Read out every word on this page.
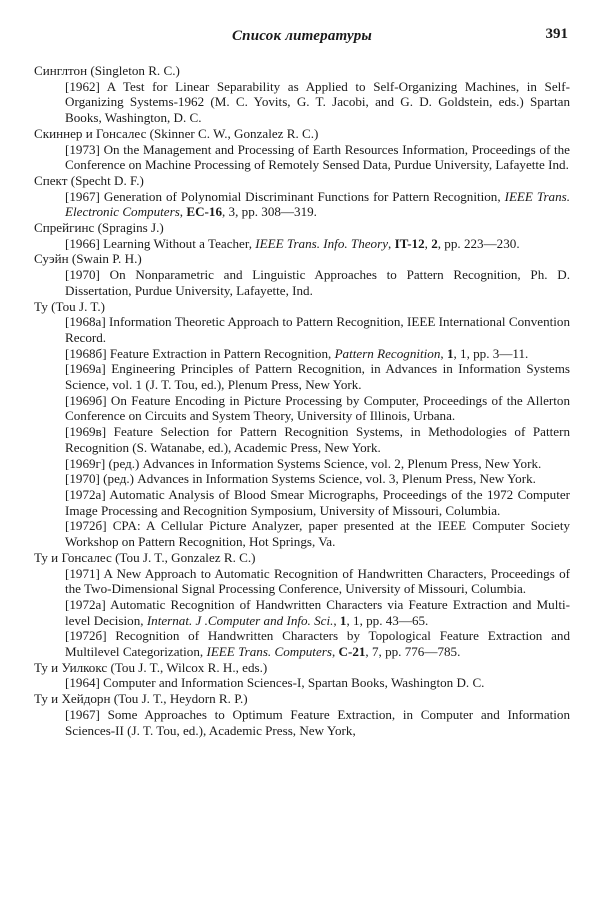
Список литературы	391
Синглтон (Singleton R. C.)
[1962] A Test for Linear Separability as Applied to Self-Organizing Machines, in Self-Organizing Systems-1962 (M. C. Yovits, G. T. Jacobi, and G. D. Goldstein, eds.) Spartan Books, Washington, D. C.
Скиннер и Гонсалес (Skinner C. W., Gonzalez R. C.)
[1973] On the Management and Processing of Earth Resources Information, Proceedings of the Conference on Machine Processing of Remotely Sensed Data, Purdue University, Lafayette Ind.
Спект (Specht D. F.)
[1967] Generation of Polynomial Discriminant Functions for Pattern Recognition, IEEE Trans. Electronic Computers, EC-16, 3, pp. 308—319.
Спрейгинс (Spragins J.)
[1966] Learning Without a Teacher, IEEE Trans. Info. Theory, IT-12, 2, pp. 223—230.
Суэйн (Swain P. H.)
[1970] On Nonparametric and Linguistic Approaches to Pattern Recognition, Ph. D. Dissertation, Purdue University, Lafayette, Ind.
Ту (Tou J. T.)
[1968a] Information Theoretic Approach to Pattern Recognition, IEEE International Convention Record.
[1968б] Feature Extraction in Pattern Recognition, Pattern Recognition, 1, 1, pp. 3—11.
[1969a] Engineering Principles of Pattern Recognition, in Advances in Information Systems Science, vol. 1 (J. T. Tou, ed.), Plenum Press, New York.
[1969б] On Feature Encoding in Picture Processing by Computer, Proceedings of the Allerton Conference on Circuits and System Theory, University of Illinois, Urbana.
[1969в] Feature Selection for Pattern Recognition Systems, in Methodologies of Pattern Recognition (S. Watanabe, ed.), Academic Press, New York.
[1969г] (ред.) Advances in Information Systems Science, vol. 2, Plenum Press, New York.
[1970] (ред.) Advances in Information Systems Science, vol. 3, Plenum Press, New York.
[1972a] Automatic Analysis of Blood Smear Micrographs, Proceedings of the 1972 Computer Image Processing and Recognition Symposium, University of Missouri, Columbia.
[1972б] CPA: A Cellular Picture Analyzer, paper presented at the IEEE Computer Society Workshop on Pattern Recognition, Hot Springs, Va.
Ту и Гонсалес (Tou J. T., Gonzalez R. C.)
[1971] A New Approach to Automatic Recognition of Handwritten Characters, Proceedings of the Two-Dimensional Signal Processing Conference, University of Missouri, Columbia.
[1972a] Automatic Recognition of Handwritten Characters via Feature Extraction and Multi-level Decision, Internat. J .Computer and Info. Sci., 1, 1, pp. 43—65.
[1972б] Recognition of Handwritten Characters by Topological Feature Extraction and Multilevel Categorization, IEEE Trans. Computers, C-21, 7, pp. 776—785.
Ту и Уилкокс (Tou J. T., Wilcox R. H., eds.)
[1964] Computer and Information Sciences-I, Spartan Books, Washington D. C.
Ту и Хейдорн (Tou J. T., Heydorn R. P.)
[1967] Some Approaches to Optimum Feature Extraction, in Computer and Information Sciences-II (J. T. Tou, ed.), Academic Press, New York,
